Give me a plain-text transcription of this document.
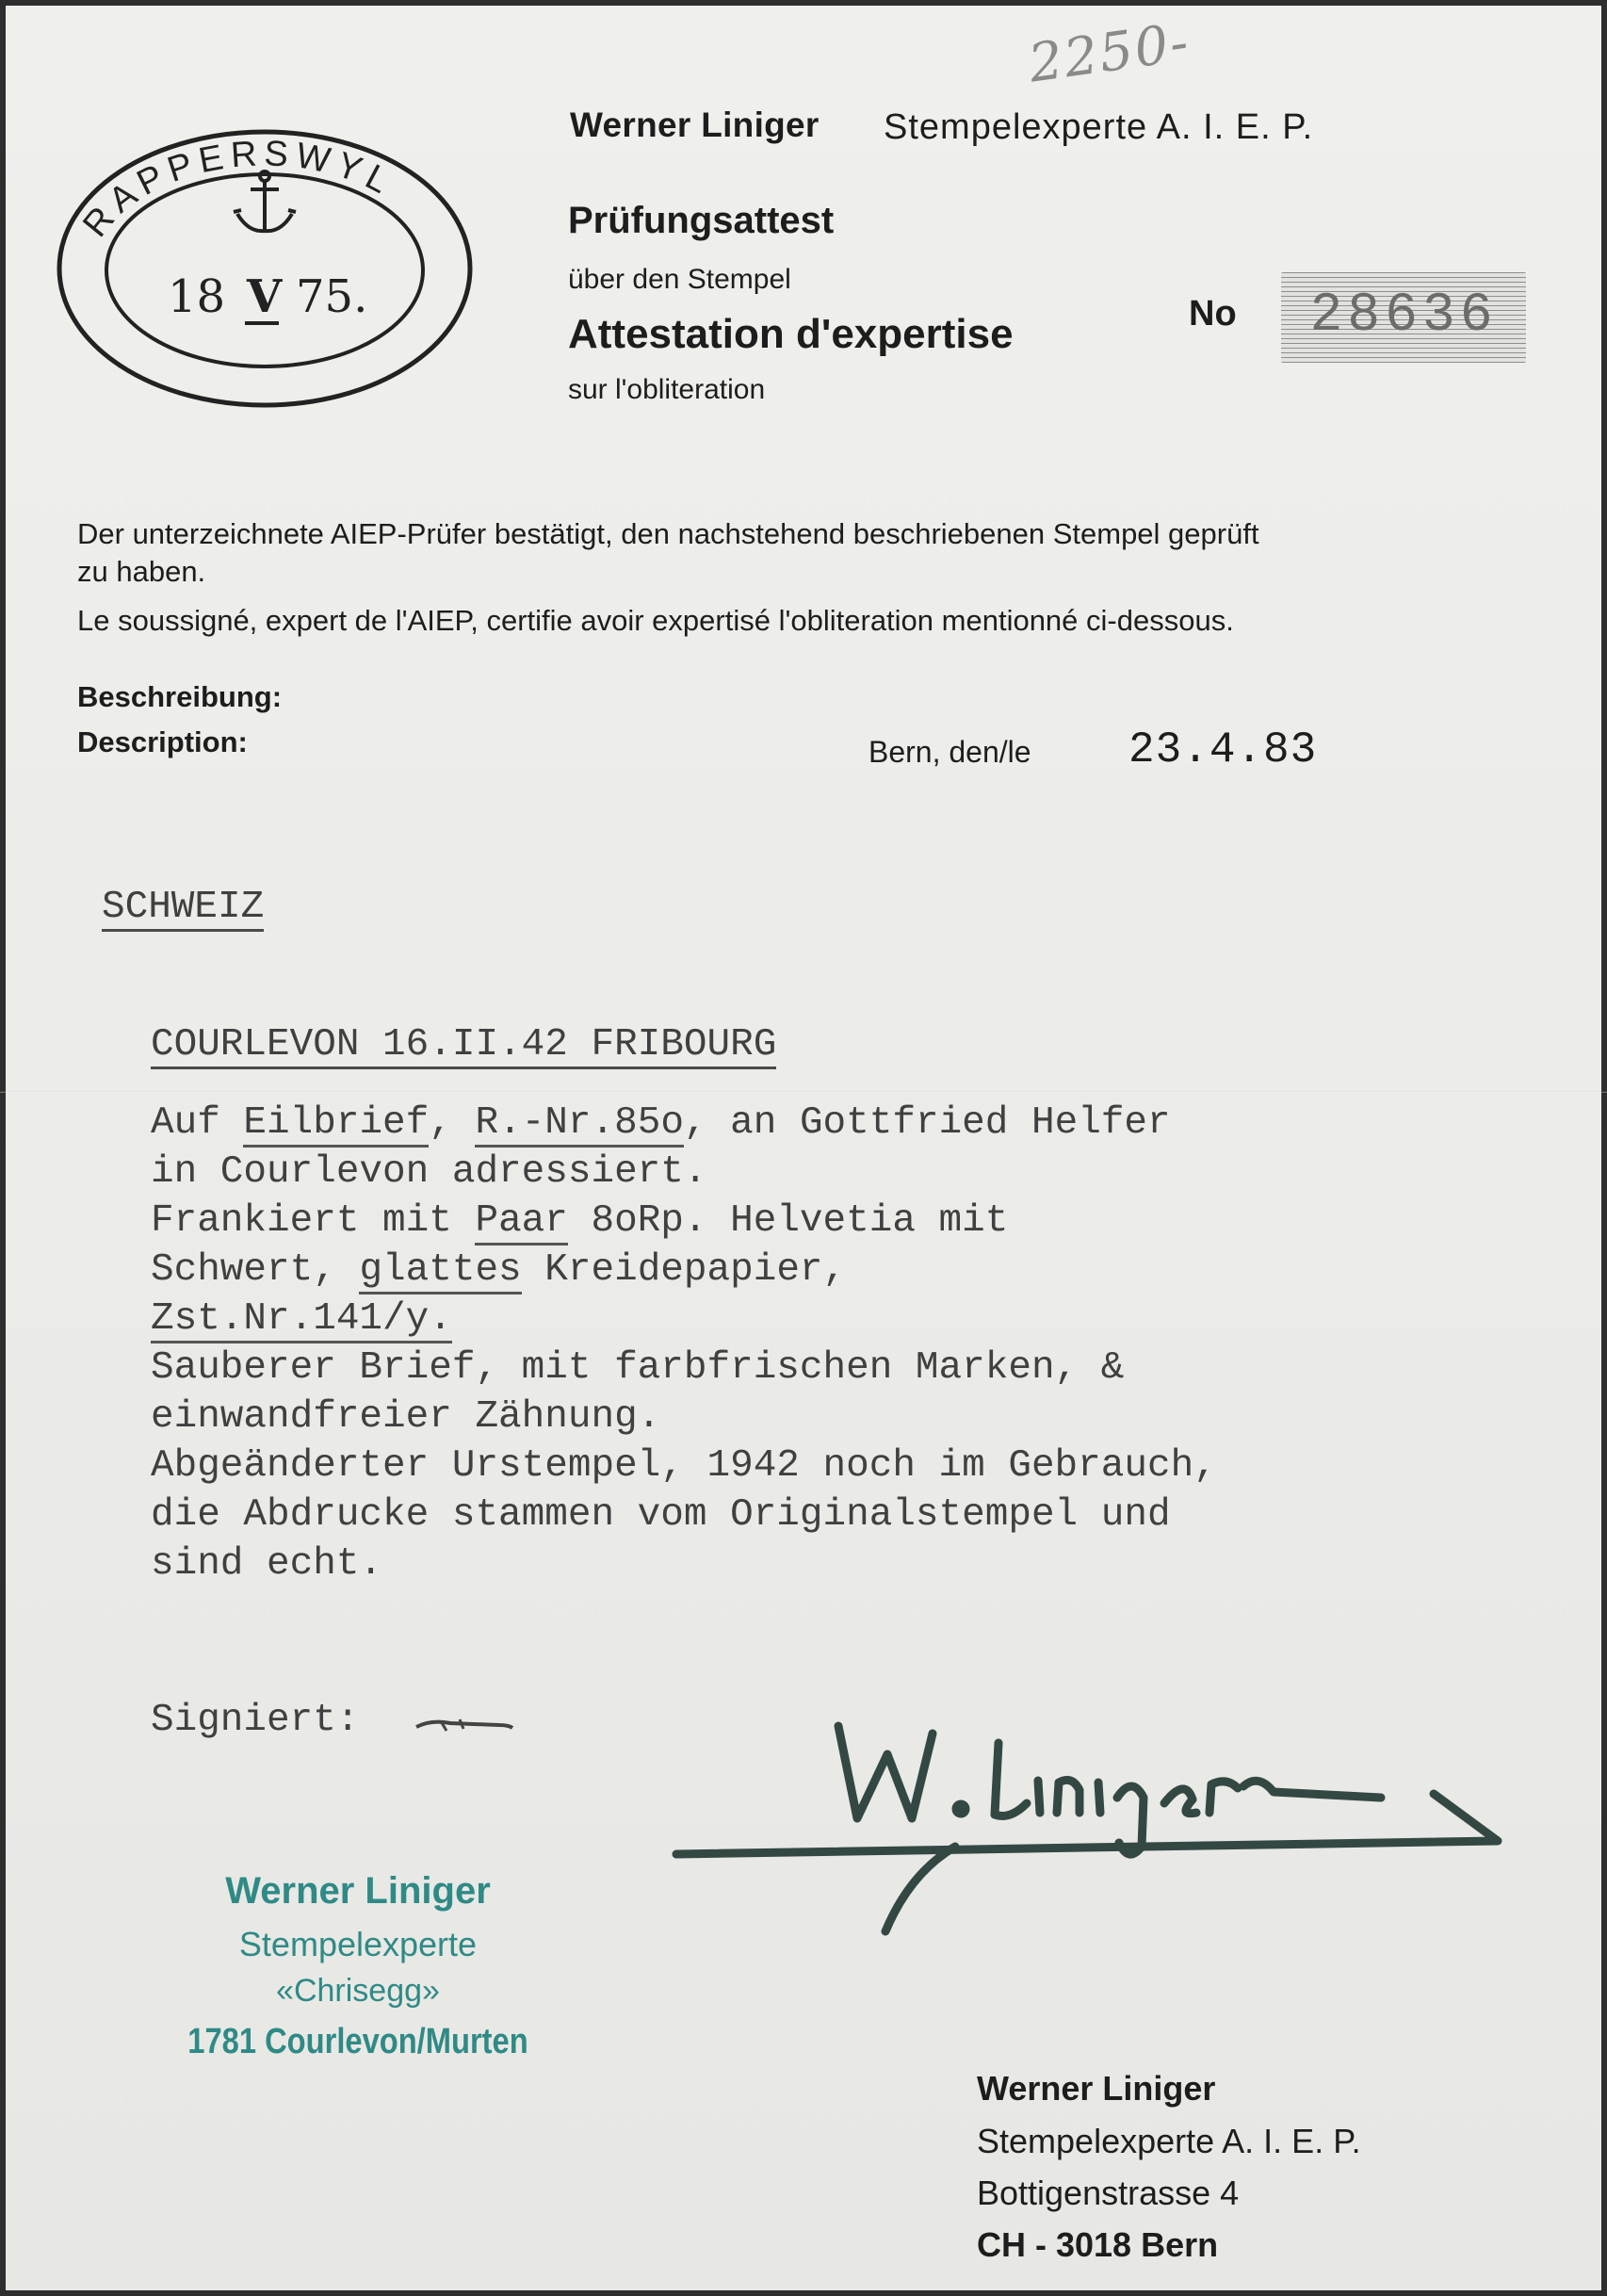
RAPPERSWYL
18 V 75.
2250-
Werner Liniger Stempelexperte A. I. E. P.
Prüfungsattest
über den Stempel
Attestation d'expertise
sur l'obliteration
No	28636
Der unterzeichnete AIEP-Prüfer bestätigt, den nachstehend beschriebenen Stempel geprüft
zu haben.
Le soussigné, expert de l'AIEP, certifie avoir expertisé l'obliteration mentionné ci-dessous.
Beschreibung:
Description:	Bern, den/le 23.4.83
SCHWEIZ
COURLEVON 16.II.42 FRIBOURG
Auf Eilbrief, R.-Nr.85o, an Gottfried Helfer
in Courlevon adressiert.
Frankiert mit Paar 8oRp. Helvetia mit
Schwert, glattes Kreidepapier,
Zst.Nr.141/y.
Sauberer Brief, mit farbfrischen Marken, &
einwandfreier Zähnung.
Abgeänderter Urstempel, 1942 noch im Gebrauch,
die Abdrucke stammen vom Originalstempel und
sind echt.
Signiert:
Werner Liniger
Stempelexperte
«Chrisegg»
1781 Courlevon/Murten
Werner Liniger
Stempelexperte A. I. E. P.
Bottigenstrasse 4
CH - 3018 Bern
